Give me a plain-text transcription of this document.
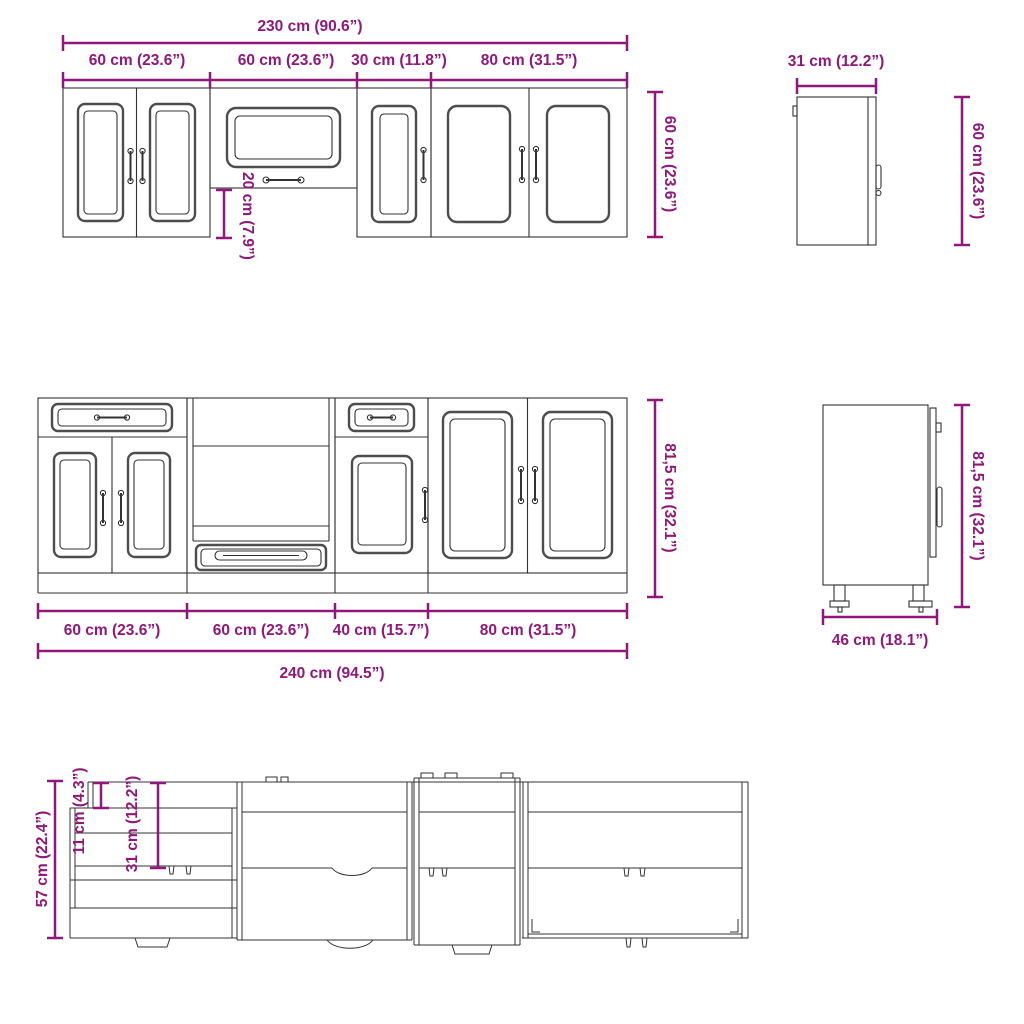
230 cm (90.6”)
60 cm (23.6”)	60 cm (23.6”) 30 cm (11.8”) 80 cm (31.5”)
60 cm (23.6”)
20 cm (7.9”)
31 cm (12.2”)
60 cm (23.6”)
60 cm (23.6”)	60 cm (23.6”) 40 cm (15.7”)	80 cm (31.5”)
240 cm (94.5”)
81,5 cm (32.1”)
46 cm (18.1”)
81,5 cm (32.1”)
57 cm (22.4”) 11 cm (4.3”) 31 cm (12.2”)
